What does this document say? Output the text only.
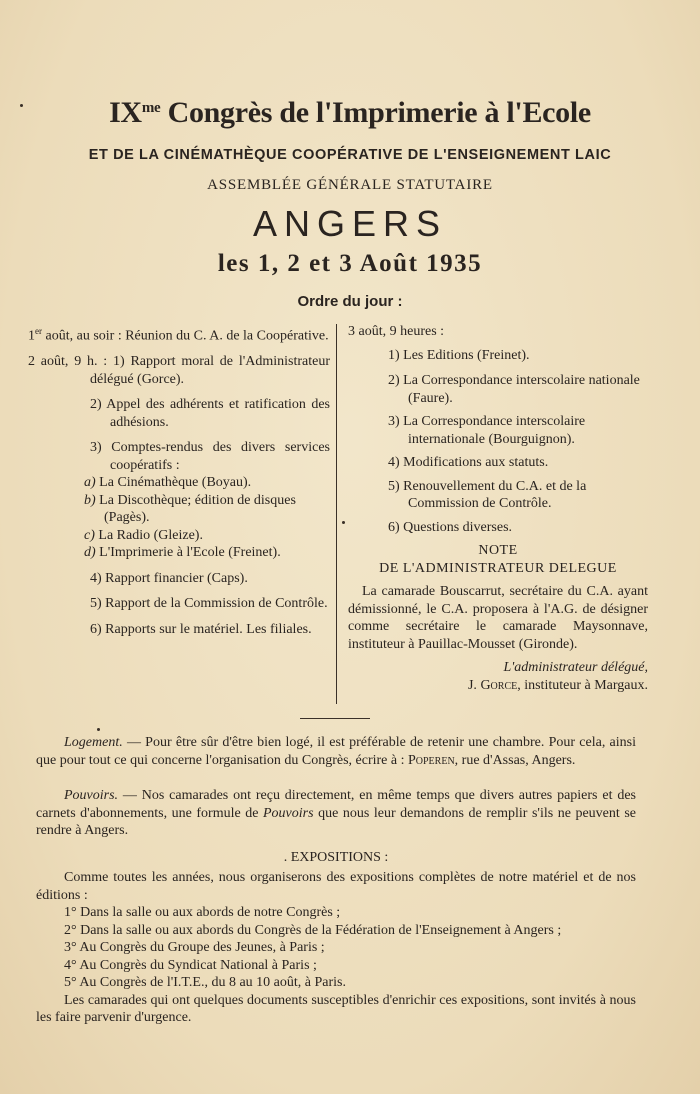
$IX^{me}$ Congrès de l'Imprimerie à l'Ecole
ET DE LA CINÉMATHÈQUE COOPÉRATIVE DE L'ENSEIGNEMENT LAIC
ASSEMBLÉE GÉNÉRALE STATUTAIRE
ANGERS
les 1, 2 et 3 Août 1935
Ordre du jour :
1er août, au soir : Réunion du C. A. de la Coopérative.
2 août, 9 h. : 1) Rapport moral de l'Administrateur délégué (Gorce).
2) Appel des adhérents et ratification des adhésions.
3) Comptes-rendus des divers services coopératifs :
a) La Cinémathèque (Boyau).
b) La Discothèque; édition de disques (Pagès).
c) La Radio (Gleize).
d) L'Imprimerie à l'Ecole (Freinet).
4) Rapport financier (Caps).
5) Rapport de la Commission de Contrôle.
6) Rapports sur le matériel. Les filiales.
3 août, 9 heures :
1) Les Editions (Freinet).
2) La Correspondance interscolaire nationale (Faure).
3) La Correspondance interscolaire internationale (Bourguignon).
4) Modifications aux statuts.
5) Renouvellement du C.A. et de la Commission de Contrôle.
6) Questions diverses.
NOTE
DE L'ADMINISTRATEUR DELEGUE
La camarade Bouscarrut, secrétaire du C.A. ayant démissionné, le C.A. proposera à l'A.G. de désigner comme secrétaire le camarade Maysonnave, instituteur à Pauillac-Mousset (Gironde).
L'administrateur délégué,
J. Gorce, instituteur à Margaux.
Logement. — Pour être sûr d'être bien logé, il est préférable de retenir une chambre. Pour cela, ainsi que pour tout ce qui concerne l'organisation du Congrès, écrire à : Poperen, rue d'Assas, Angers.
Pouvoirs. — Nos camarades ont reçu directement, en même temps que divers autres papiers et des carnets d'abonnements, une formule de Pouvoirs que nous leur demandons de remplir s'ils ne peuvent se rendre à Angers.
. EXPOSITIONS :
Comme toutes les années, nous organiserons des expositions complètes de notre matériel et de nos éditions :
1° Dans la salle ou aux abords de notre Congrès ;
2° Dans la salle ou aux abords du Congrès de la Fédération de l'Enseignement à Angers ;
3° Au Congrès du Groupe des Jeunes, à Paris ;
4° Au Congrès du Syndicat National à Paris ;
5° Au Congrès de l'I.T.E., du 8 au 10 août, à Paris.
Les camarades qui ont quelques documents susceptibles d'enrichir ces expositions, sont invités à nous les faire parvenir d'urgence.
